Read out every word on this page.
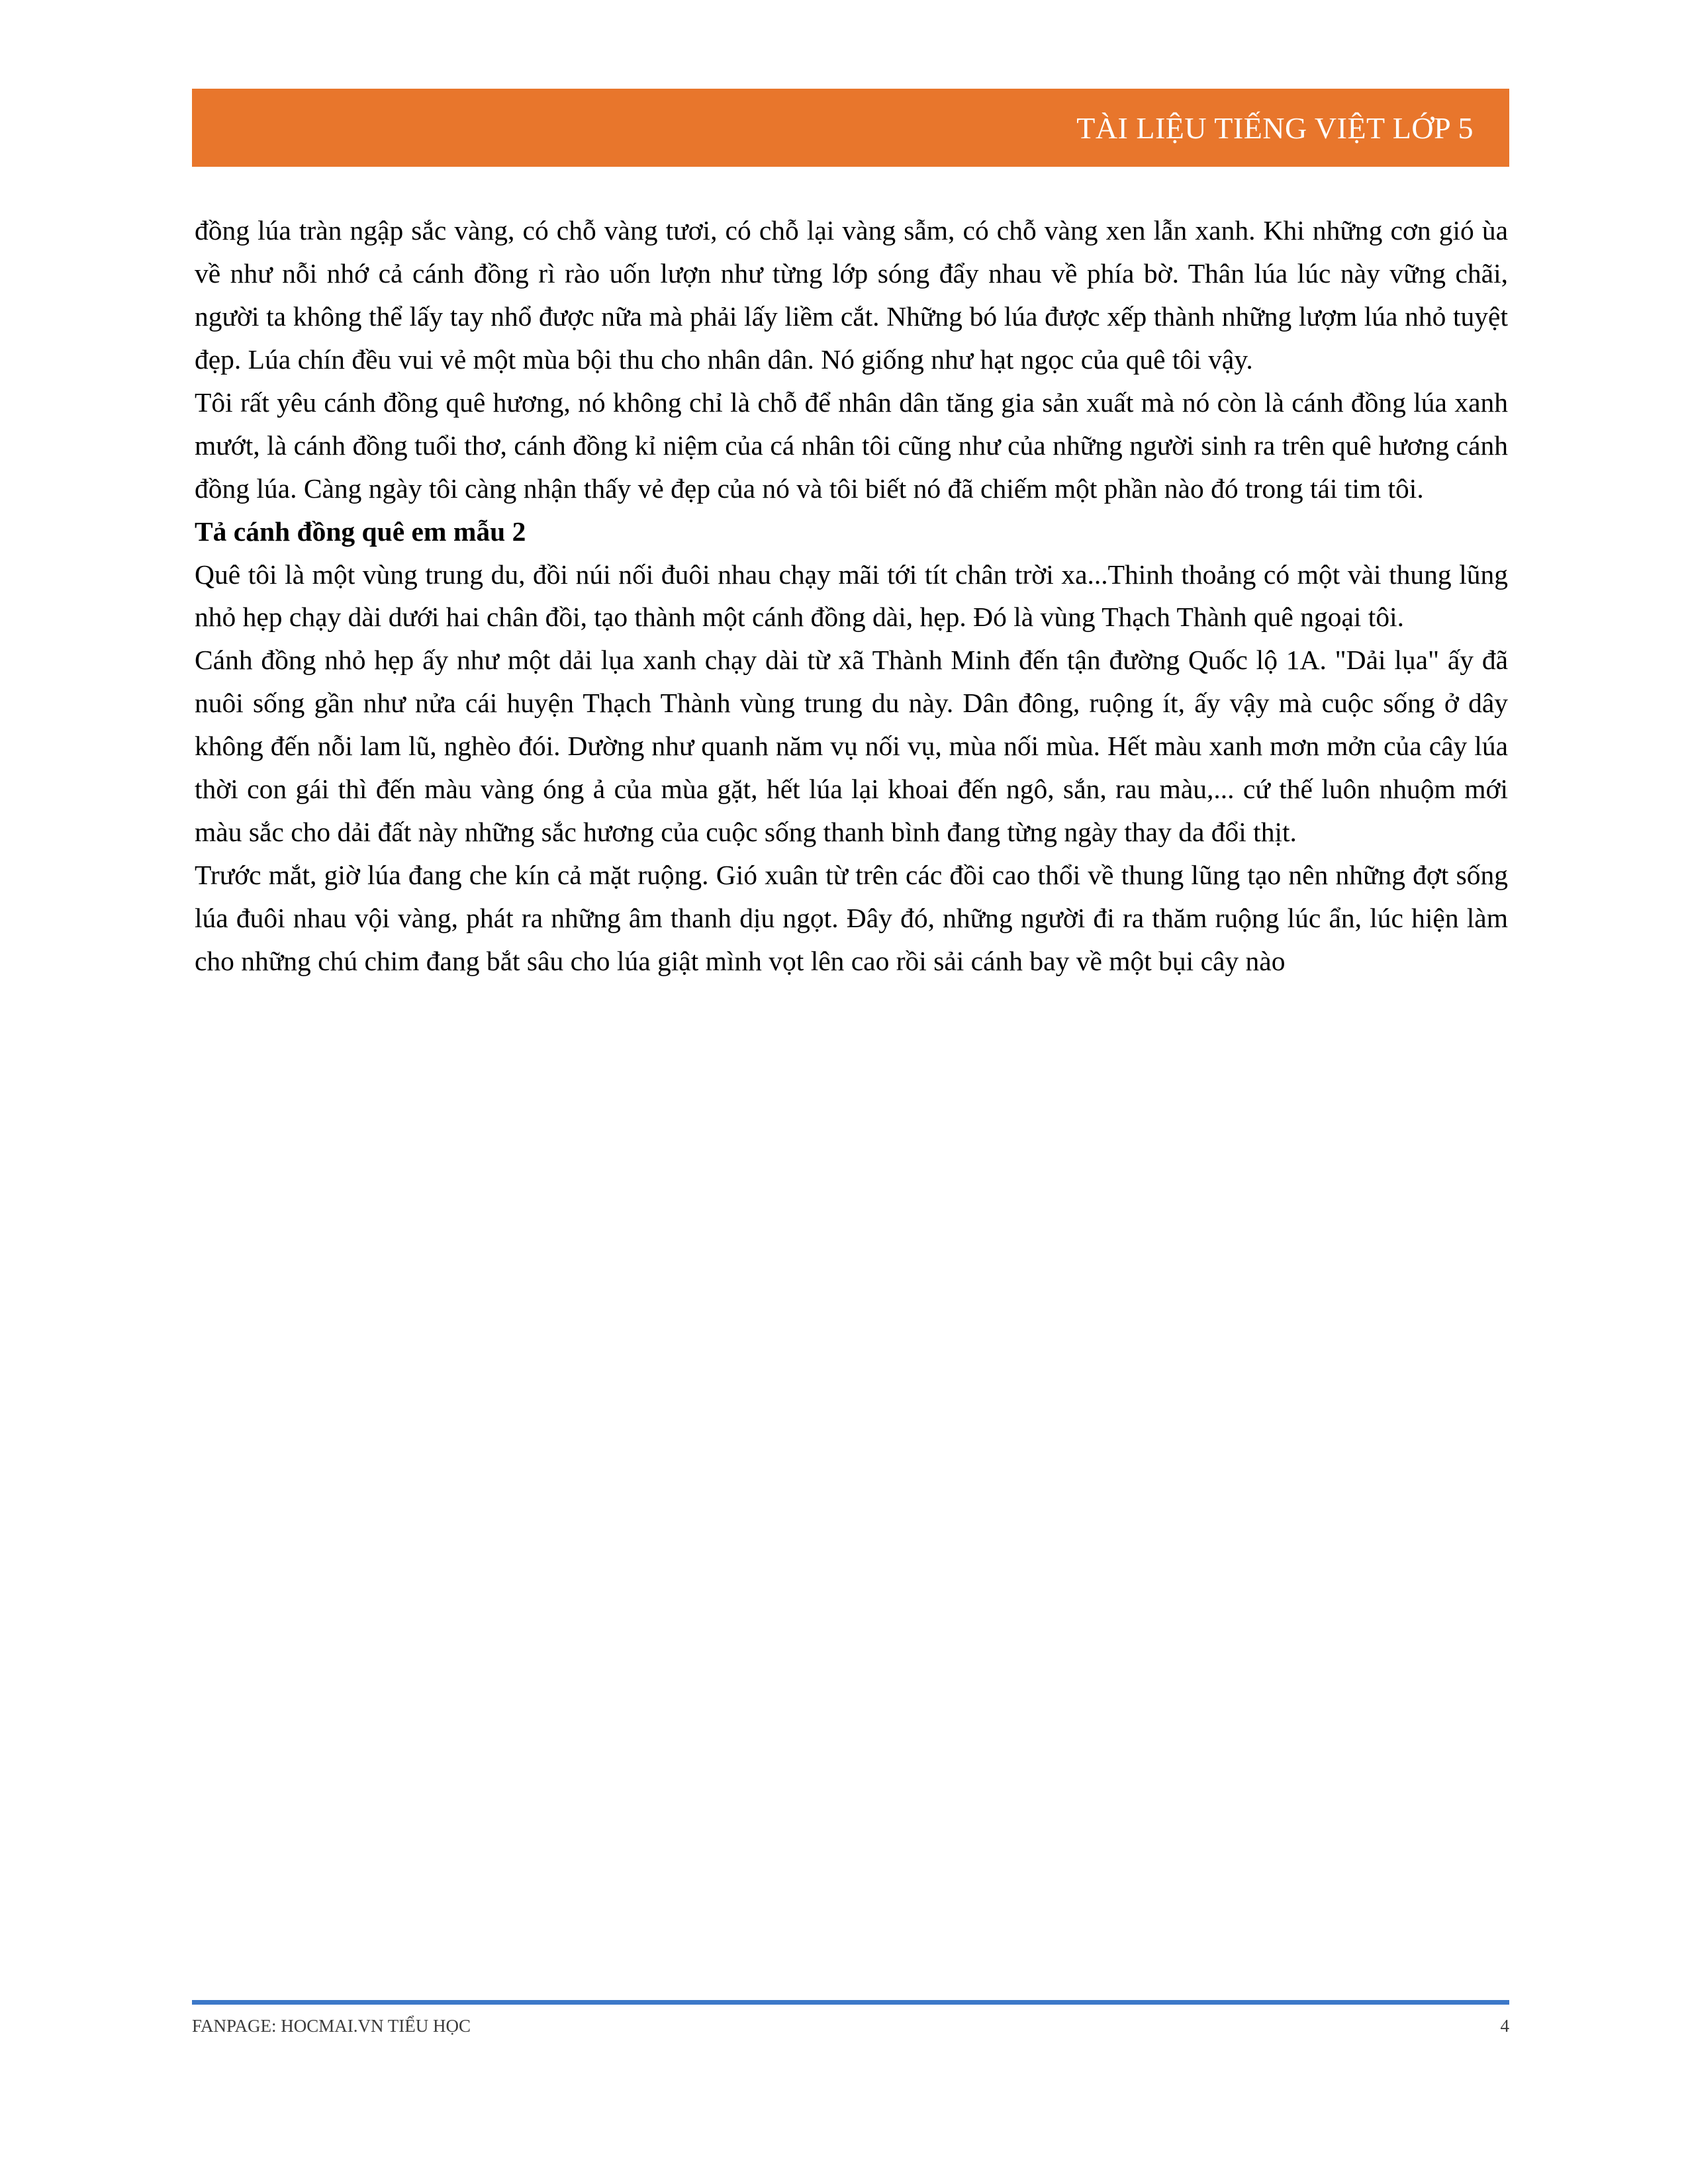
TÀI LIỆU TIẾNG VIỆT LỚP 5

đồng lúa tràn ngập sắc vàng, có chỗ vàng tươi, có chỗ lại vàng sẫm, có chỗ vàng xen lẫn xanh. Khi những cơn gió ùa về như nỗi nhớ cả cánh đồng rì rào uốn lượn như từng lớp sóng đẩy nhau về phía bờ. Thân lúa lúc này vững chãi, người ta không thể lấy tay nhổ được nữa mà phải lấy liềm cắt. Những bó lúa được xếp thành những lượm lúa nhỏ tuyệt đẹp. Lúa chín đều vui vẻ một mùa bội thu cho nhân dân. Nó giống như hạt ngọc của quê tôi vậy.

Tôi rất yêu cánh đồng quê hương, nó không chỉ là chỗ để nhân dân tăng gia sản xuất mà nó còn là cánh đồng lúa xanh mướt, là cánh đồng tuổi thơ, cánh đồng kỉ niệm của cá nhân tôi cũng như của những người sinh ra trên quê hương cánh đồng lúa. Càng ngày tôi càng nhận thấy vẻ đẹp của nó và tôi biết nó đã chiếm một phần nào đó trong tái tim tôi.

Tả cánh đồng quê em mẫu 2

Quê tôi là một vùng trung du, đồi núi nối đuôi nhau chạy mãi tới tít chân trời xa...Thinh thoảng có một vài thung lũng nhỏ hẹp chạy dài dưới hai chân đồi, tạo thành một cánh đồng dài, hẹp. Đó là vùng Thạch Thành quê ngoại tôi.

Cánh đồng nhỏ hẹp ấy như một dải lụa xanh chạy dài từ xã Thành Minh đến tận đường Quốc lộ 1A. "Dải lụa" ấy đã nuôi sống gần như nửa cái huyện Thạch Thành vùng trung du này. Dân đông, ruộng ít, ấy vậy mà cuộc sống ở dây không đến nỗi lam lũ, nghèo đói. Dường như quanh năm vụ nối vụ, mùa nối mùa. Hết màu xanh mơn mởn của cây lúa thời con gái thì đến màu vàng óng ả của mùa gặt, hết lúa lại khoai đến ngô, sắn, rau màu,... cứ thế luôn nhuộm mới màu sắc cho dải đất này những sắc hương của cuộc sống thanh bình đang từng ngày thay da đổi thịt.

Trước mắt, giờ lúa đang che kín cả mặt ruộng. Gió xuân từ trên các đồi cao thổi về thung lũng tạo nên những đợt sống lúa đuôi nhau vội vàng, phát ra những âm thanh dịu ngọt. Đây đó, những người đi ra thăm ruộng lúc ẩn, lúc hiện làm cho những chú chim đang bắt sâu cho lúa giật mình vọt lên cao rồi sải cánh bay về một bụi cây nào

FANPAGE: HOCMAI.VN TIỂU HỌC	4
